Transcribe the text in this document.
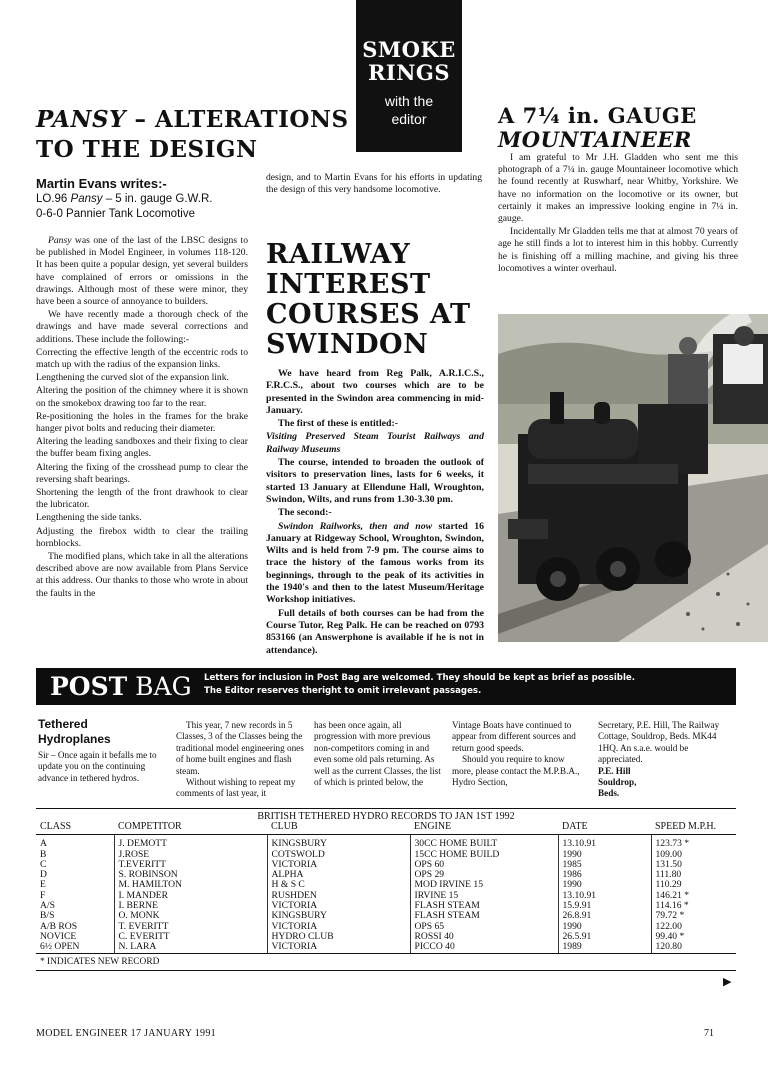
SMOKE
RINGS
with the
editor
PANSY – ALTERATIONS
TO THE DESIGN
Martin Evans writes:-
LO.96 Pansy – 5 in. gauge G.W.R.
0-6-0 Pannier Tank Locomotive

Pansy was one of the last of the LBSC designs to be published in Model Engineer, in volumes 118-120. It has been quite a popular design, yet several builders have complained of errors or omissions in the drawings. Although most of these were minor, they have been a source of annoyance to builders.

We have recently made a thorough check of the drawings and have made several corrections and additions. These include the following:-

Correcting the effective length of the eccentric rods to match up with the radius of the expansion links.

Lengthening the curved slot of the expansion link.

Altering the position of the chimney where it is shown on the smokebox drawing too far to the rear.

Re-positioning the holes in the frames for the brake hanger pivot bolts and reducing their diameter.

Altering the leading sandboxes and their fixing to clear the buffer beam fixing angles.

Altering the fixing of the crosshead pump to clear the reversing shaft bearings.

Shortening the length of the front drawhook to clear the lubricator.

Lengthening the side tanks.

Adjusting the firebox width to clear the trailing hornblocks.

The modified plans, which take in all the alterations described above are now available from Plans Service at this address. Our thanks to those who wrote in about the faults in the

design, and to Martin Evans for his efforts in updating the design of this very handsome locomotive.

RAILWAY
INTEREST
COURSES AT
SWINDON

We have heard from Reg Palk, A.R.I.C.S., F.R.C.S., about two courses which are to be presented in the Swindon area commencing in mid-January.

The first of these is entitled:-

Visiting Preserved Steam Tourist Railways and Railway Museums

The course, intended to broaden the outlook of visitors to preservation lines, lasts for 6 weeks, it started 13 January at Ellendune Hall, Wroughton, Swindon, Wilts, and runs from 1.30-3.30 pm.

The second:-

Swindon Railworks, then and now started 16 January at Ridgeway School, Wroughton, Swindon, Wilts and is held from 7-9 pm. The course aims to trace the history of the famous works from its beginnings, through to the peak of its activities in the 1940's and then to the latest Museum/Heritage Workshop initiatives.

Full details of both courses can be had from the Course Tutor, Reg Palk. He can be reached on 0793 853166 (an Answerphone is available if he is not in attendance).

A 7¼ in. GAUGE
MOUNTAINEER

I am grateful to Mr J.H. Gladden who sent me this photograph of a 7¼ in. gauge Mountaineer locomotive which he found recently at Ruswharf, near Whitby, Yorkshire. We have no information on the locomotive or its owner, but certainly it makes an impressive looking engine in 7¼ in. gauge.

Incidentally Mr Gladden tells me that at almost 70 years of age he still finds a lot to interest him in this hobby. Currently he is finishing off a milling machine, and giving his three locomotives a winter overhaul.

POST BAG Letters for inclusion in Post Bag are welcomed. They should be kept as brief as possible.
The Editor reserves theright to omit irrelevant passages.
Tethered
Hydroplanes

Sir – Once again it befalls me to update you on the continuing advance in tethered hydros.

This year, 7 new records in 5 Classes, 3 of the Classes being the traditional model engineering ones of home built engines and flash steam.

Without wishing to repeat my comments of last year, it

has been once again, all progression with more previous non-competitors coming in and even some old pals returning. As well as the current Classes, the list of which is printed below, the

Vintage Boats have continued to appear from different sources and return good speeds.

Should you require to know more, please contact the M.P.B.A., Hydro Section,

Secretary, P.E. Hill, The Railway Cottage, Souldrop, Beds. MK44 1HQ. An s.a.e. would be appreciated.

P.E. Hill

Souldrop,

Beds.

BRITISH TETHERED HYDRO RECORDS TO JAN 1ST 1992					
CLASS	COMPETITOR	CLUB	ENGINE	DATE	SPEED M.P.H.
A	J. DEMOTT	KINGSBURY	30CC HOME BUILT	13.10.91	123.73 *
B	J.ROSE	COTSWOLD	15CC HOME BUILD	1990	109.00
C	T.EVERITT	VICTORIA	OPS 60	1985	131.50
D	S. ROBINSON	ALPHA	OPS 29	1986	111.80
E	M. HAMILTON	H & S C	MOD IRVINE 15	1990	110.29
F	I. MANDER	RUSHDEN	IRVINE 15	13.10.91	146.21 *
A/S	I. BERNE	VICTORIA	FLASH STEAM	15.9.91	114.16 *
B/S	O. MONK	KINGSBURY	FLASH STEAM	26.8.91	79.72 *
A/B ROS	T. EVERITT	VICTORIA	OPS 65	1990	122.00
NOVICE	C. EVERITT	HYDRO CLUB	ROSSI 40	26.5.91	99.40 *
6½ OPEN	N. LARA	VICTORIA	PICCO 40	1989	120.80
* INDICATES NEW RECORD					
▶
MODEL ENGINEER 17 JANUARY 1991	71
